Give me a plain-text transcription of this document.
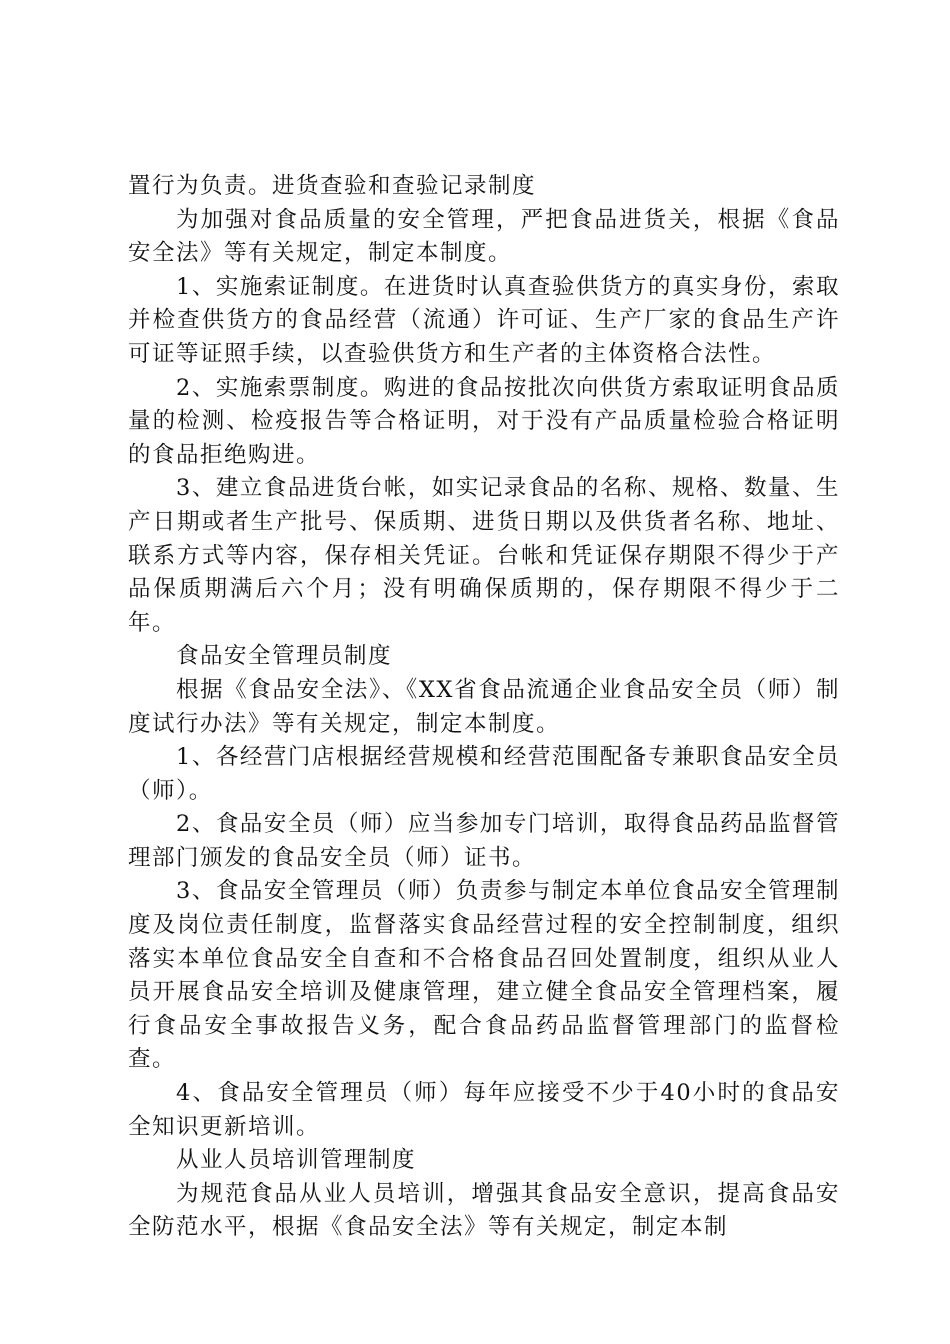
置行为负责。进货查验和查验记录制度

为加强对食品质量的安全管理，严把食品进货关，根据《食品安全法》等有关规定，制定本制度。

1、实施索证制度。在进货时认真查验供货方的真实身份，索取并检查供货方的食品经营（流通）许可证、生产厂家的食品生产许可证等证照手续，以查验供货方和生产者的主体资格合法性。

2、实施索票制度。购进的食品按批次向供货方索取证明食品质量的检测、检疫报告等合格证明，对于没有产品质量检验合格证明的食品拒绝购进。

3、建立食品进货台帐，如实记录食品的名称、规格、数量、生产日期或者生产批号、保质期、进货日期以及供货者名称、地址、联系方式等内容，保存相关凭证。台帐和凭证保存期限不得少于产品保质期满后六个月；没有明确保质期的，保存期限不得少于二年。

食品安全管理员制度

根据《食品安全法》、《XX省食品流通企业食品安全员（师）制度试行办法》等有关规定，制定本制度。

1、各经营门店根据经营规模和经营范围配备专兼职食品安全员（师）。

2、食品安全员（师）应当参加专门培训，取得食品药品监督管理部门颁发的食品安全员（师）证书。

3、食品安全管理员（师）负责参与制定本单位食品安全管理制度及岗位责任制度，监督落实食品经营过程的安全控制制度，组织落实本单位食品安全自查和不合格食品召回处置制度，组织从业人员开展食品安全培训及健康管理，建立健全食品安全管理档案，履行食品安全事故报告义务，配合食品药品监督管理部门的监督检查。

4、食品安全管理员（师）每年应接受不少于40小时的食品安全知识更新培训。

从业人员培训管理制度

为规范食品从业人员培训，增强其食品安全意识，提高食品安全防范水平，根据《食品安全法》等有关规定，制定本制
